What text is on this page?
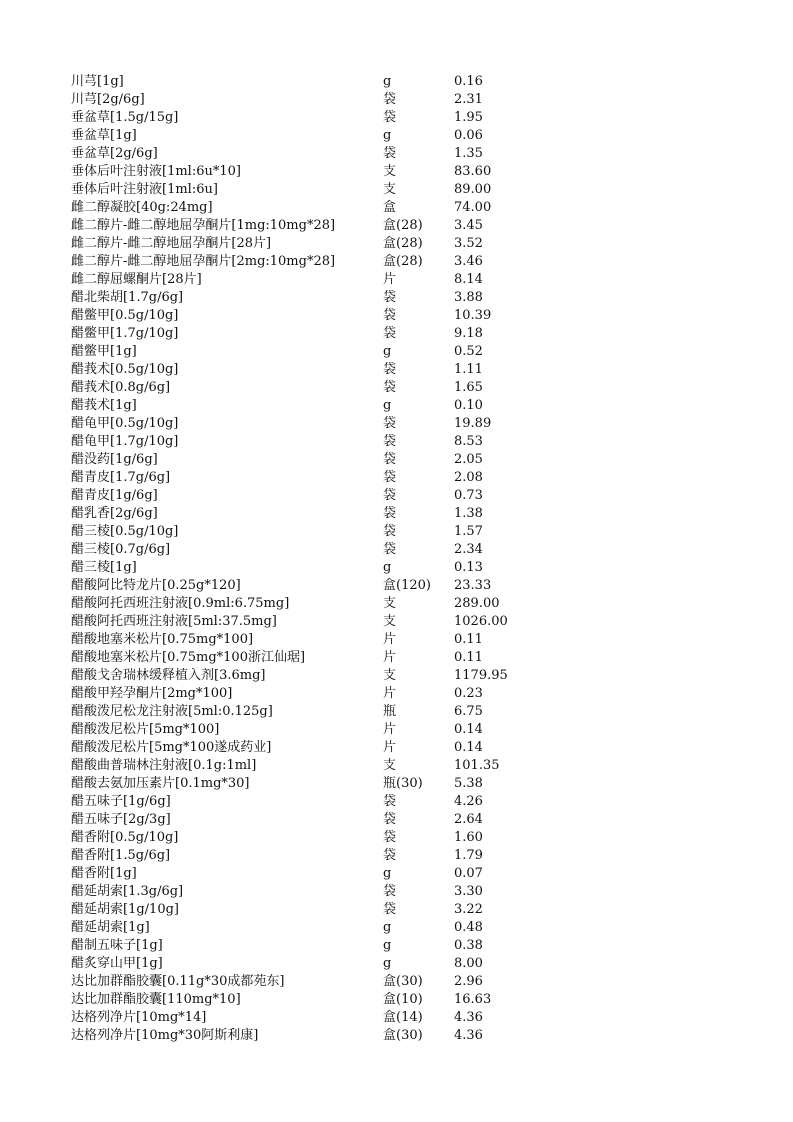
川芎[1g]	g	0.16
川芎[2g/6g]	袋	2.31
垂盆草[1.5g/15g]	袋	1.95
垂盆草[1g]	g	0.06
垂盆草[2g/6g]	袋	1.35
垂体后叶注射液[1ml:6u*10]	支	83.60
垂体后叶注射液[1ml:6u]	支	89.00
雌二醇凝胶[40g:24mg]	盒	74.00
雌二醇片-雌二醇地屈孕酮片[1mg:10mg*28]	盒(28)	3.45
雌二醇片-雌二醇地屈孕酮片[28片]	盒(28)	3.52
雌二醇片-雌二醇地屈孕酮片[2mg:10mg*28]	盒(28)	3.46
雌二醇屈螺酮片[28片]	片	8.14
醋北柴胡[1.7g/6g]	袋	3.88
醋鳖甲[0.5g/10g]	袋	10.39
醋鳖甲[1.7g/10g]	袋	9.18
醋鳖甲[1g]	g	0.52
醋莪术[0.5g/10g]	袋	1.11
醋莪术[0.8g/6g]	袋	1.65
醋莪术[1g]	g	0.10
醋龟甲[0.5g/10g]	袋	19.89
醋龟甲[1.7g/10g]	袋	8.53
醋没药[1g/6g]	袋	2.05
醋青皮[1.7g/6g]	袋	2.08
醋青皮[1g/6g]	袋	0.73
醋乳香[2g/6g]	袋	1.38
醋三棱[0.5g/10g]	袋	1.57
醋三棱[0.7g/6g]	袋	2.34
醋三棱[1g]	g	0.13
醋酸阿比特龙片[0.25g*120]	盒(120)	23.33
醋酸阿托西班注射液[0.9ml:6.75mg]	支	289.00
醋酸阿托西班注射液[5ml:37.5mg]	支	1026.00
醋酸地塞米松片[0.75mg*100]	片	0.11
醋酸地塞米松片[0.75mg*100浙江仙琚]	片	0.11
醋酸戈舍瑞林缓释植入剂[3.6mg]	支	1179.95
醋酸甲羟孕酮片[2mg*100]	片	0.23
醋酸泼尼松龙注射液[5ml:0.125g]	瓶	6.75
醋酸泼尼松片[5mg*100]	片	0.14
醋酸泼尼松片[5mg*100遂成药业]	片	0.14
醋酸曲普瑞林注射液[0.1g:1ml]	支	101.35
醋酸去氨加压素片[0.1mg*30]	瓶(30)	5.38
醋五味子[1g/6g]	袋	4.26
醋五味子[2g/3g]	袋	2.64
醋香附[0.5g/10g]	袋	1.60
醋香附[1.5g/6g]	袋	1.79
醋香附[1g]	g	0.07
醋延胡索[1.3g/6g]	袋	3.30
醋延胡索[1g/10g]	袋	3.22
醋延胡索[1g]	g	0.48
醋制五味子[1g]	g	0.38
醋炙穿山甲[1g]	g	8.00
达比加群酯胶囊[0.11g*30成都苑东]	盒(30)	2.96
达比加群酯胶囊[110mg*10]	盒(10)	16.63
达格列净片[10mg*14]	盒(14)	4.36
达格列净片[10mg*30阿斯利康]	盒(30)	4.36
